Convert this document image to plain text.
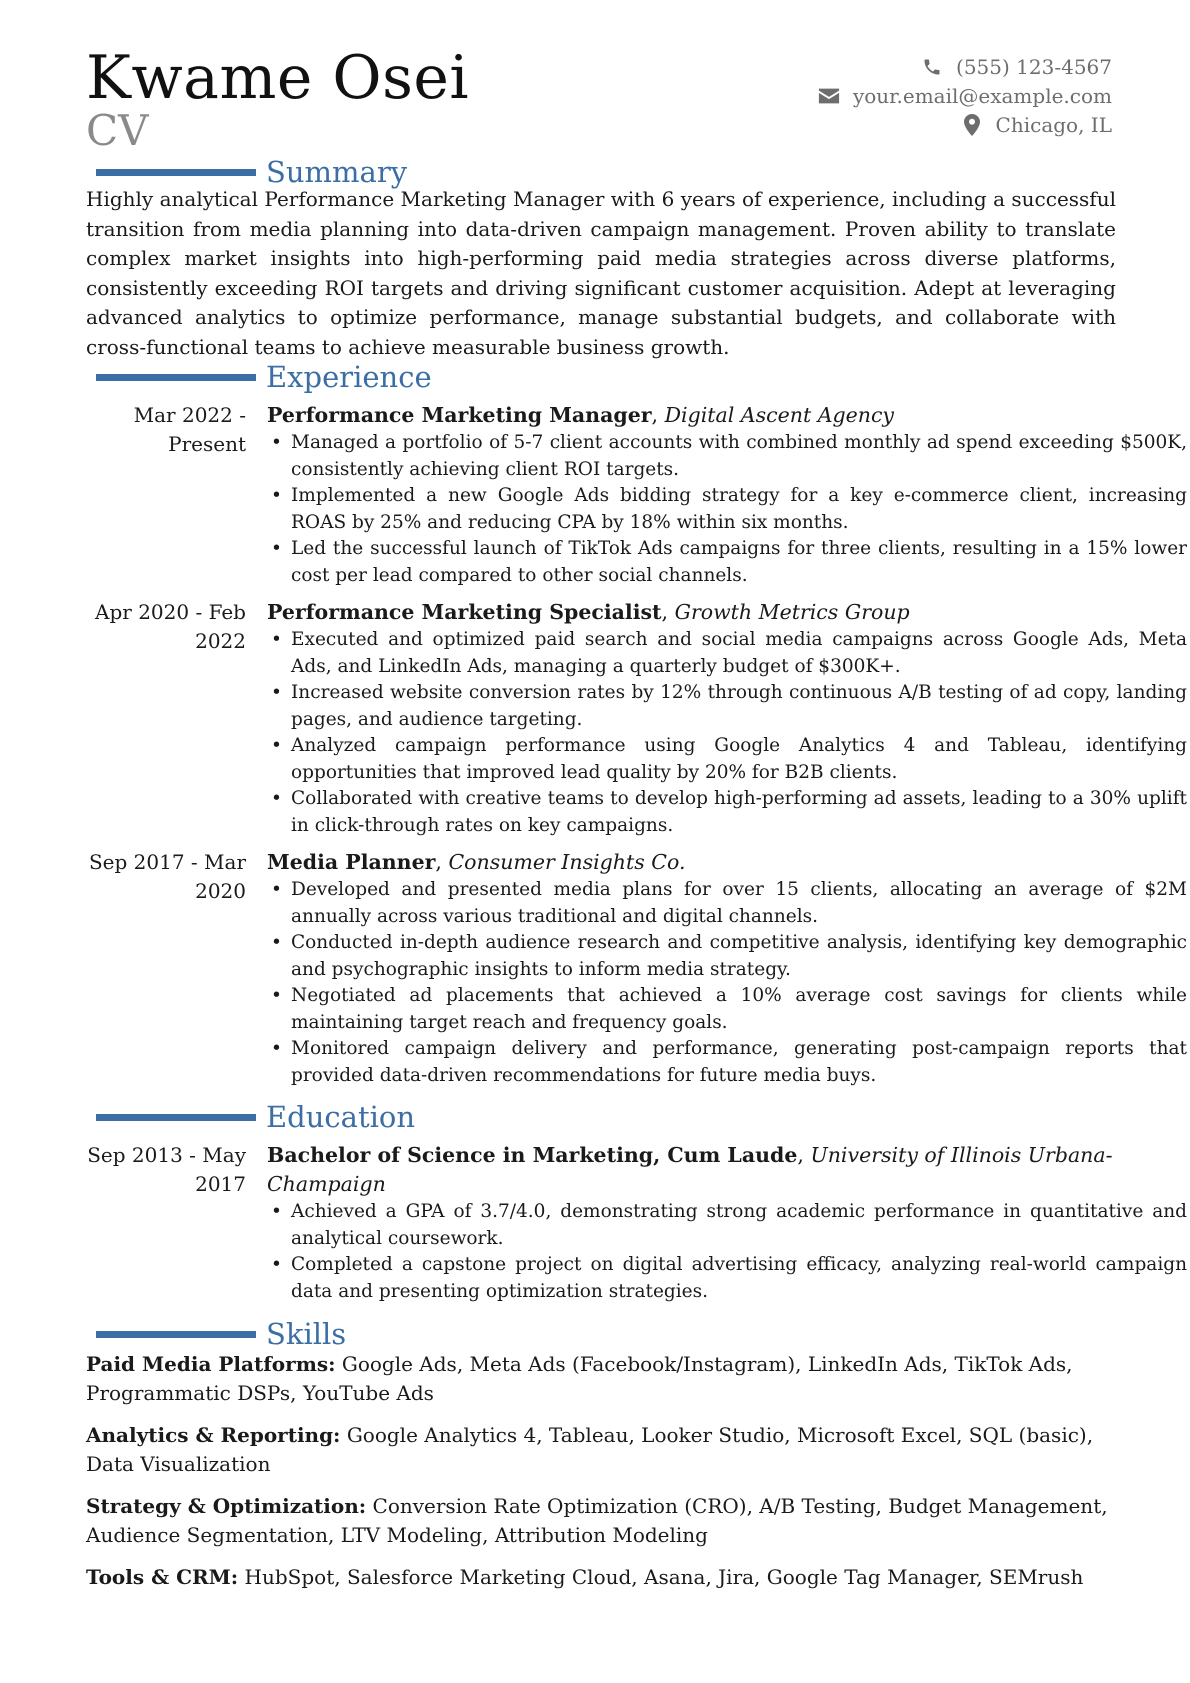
Kwame Osei
CV
(555) 123-4567
your.email@example.com
Chicago, IL
Summary
Highly analytical Performance Marketing Manager with 6 years of experience, including a successful transition from media planning into data-driven campaign management. Proven ability to translate complex market insights into high-performing paid media strategies across diverse platforms, consistently exceeding ROI targets and driving significant customer acquisition. Adept at leveraging advanced analytics to optimize performance, manage substantial budgets, and collaborate with cross-functional teams to achieve measurable business growth.
Experience
Mar 2022 -
Present
Performance Marketing Manager, Digital Ascent Agency
• Managed a portfolio of 5-7 client accounts with combined monthly ad spend exceeding $500K, consistently achieving client ROI targets.
• Implemented a new Google Ads bidding strategy for a key e-commerce client, increasing ROAS by 25% and reducing CPA by 18% within six months.
• Led the successful launch of TikTok Ads campaigns for three clients, resulting in a 15% lower cost per lead compared to other social channels.
Apr 2020 - Feb
2022
Performance Marketing Specialist, Growth Metrics Group
• Executed and optimized paid search and social media campaigns across Google Ads, Meta Ads, and LinkedIn Ads, managing a quarterly budget of $300K+.
• Increased website conversion rates by 12% through continuous A/B testing of ad copy, landing pages, and audience targeting.
• Analyzed campaign performance using Google Analytics 4 and Tableau, identifying opportunities that improved lead quality by 20% for B2B clients.
• Collaborated with creative teams to develop high-performing ad assets, leading to a 30% uplift in click-through rates on key campaigns.
Sep 2017 - Mar
2020
Media Planner, Consumer Insights Co.
• Developed and presented media plans for over 15 clients, allocating an average of $2M annually across various traditional and digital channels.
• Conducted in-depth audience research and competitive analysis, identifying key demographic and psychographic insights to inform media strategy.
• Negotiated ad placements that achieved a 10% average cost savings for clients while maintaining target reach and frequency goals.
• Monitored campaign delivery and performance, generating post-campaign reports that provided data-driven recommendations for future media buys.
Education
Sep 2013 - May
2017
Bachelor of Science in Marketing, Cum Laude, University of Illinois Urbana-Champaign
• Achieved a GPA of 3.7/4.0, demonstrating strong academic performance in quantitative and analytical coursework.
• Completed a capstone project on digital advertising efficacy, analyzing real-world campaign data and presenting optimization strategies.
Skills
Paid Media Platforms: Google Ads, Meta Ads (Facebook/Instagram), LinkedIn Ads, TikTok Ads, Programmatic DSPs, YouTube Ads
Analytics & Reporting: Google Analytics 4, Tableau, Looker Studio, Microsoft Excel, SQL (basic), Data Visualization
Strategy & Optimization: Conversion Rate Optimization (CRO), A/B Testing, Budget Management, Audience Segmentation, LTV Modeling, Attribution Modeling
Tools & CRM: HubSpot, Salesforce Marketing Cloud, Asana, Jira, Google Tag Manager, SEMrush
